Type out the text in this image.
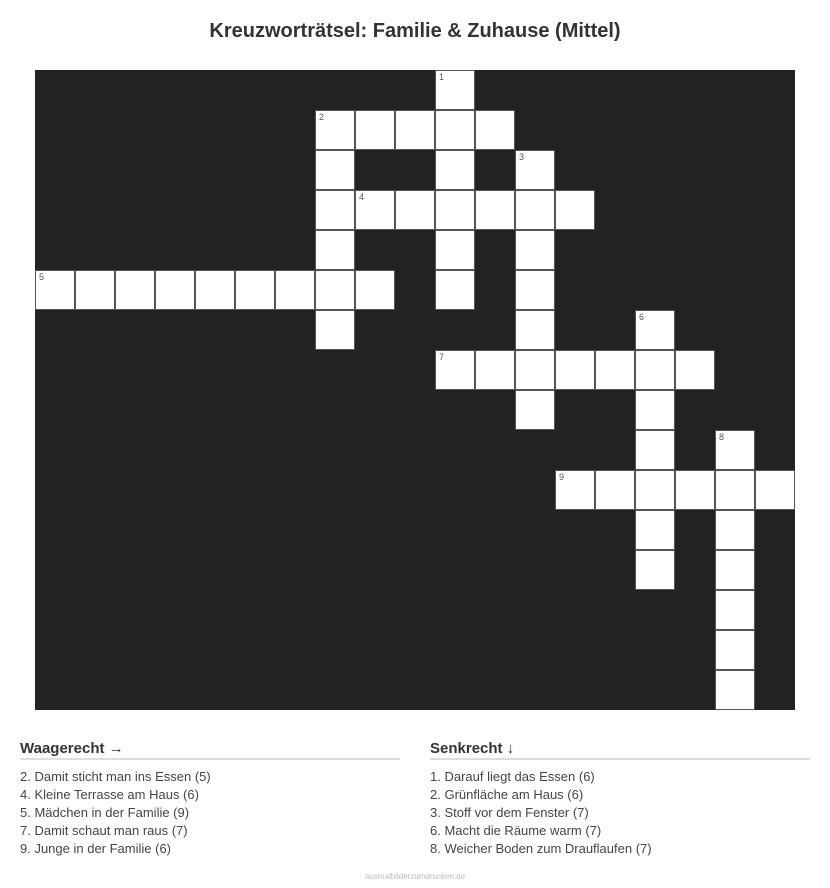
Kreuzworträtsel: Familie & Zuhause (Mittel)
1
2
3
4
5
6
7
8
9
Waagerecht →
2. Damit sticht man ins Essen (5)
4. Kleine Terrasse am Haus (6)
5. Mädchen in der Familie (9)
7. Damit schaut man raus (7)
9. Junge in der Familie (6)
Senkrecht ↓
1. Darauf liegt das Essen (6)
2. Grünfläche am Haus (6)
3. Stoff vor dem Fenster (7)
6. Macht die Räume warm (7)
8. Weicher Boden zum Drauflaufen (7)
ausmalbilderzumdrucken.de
